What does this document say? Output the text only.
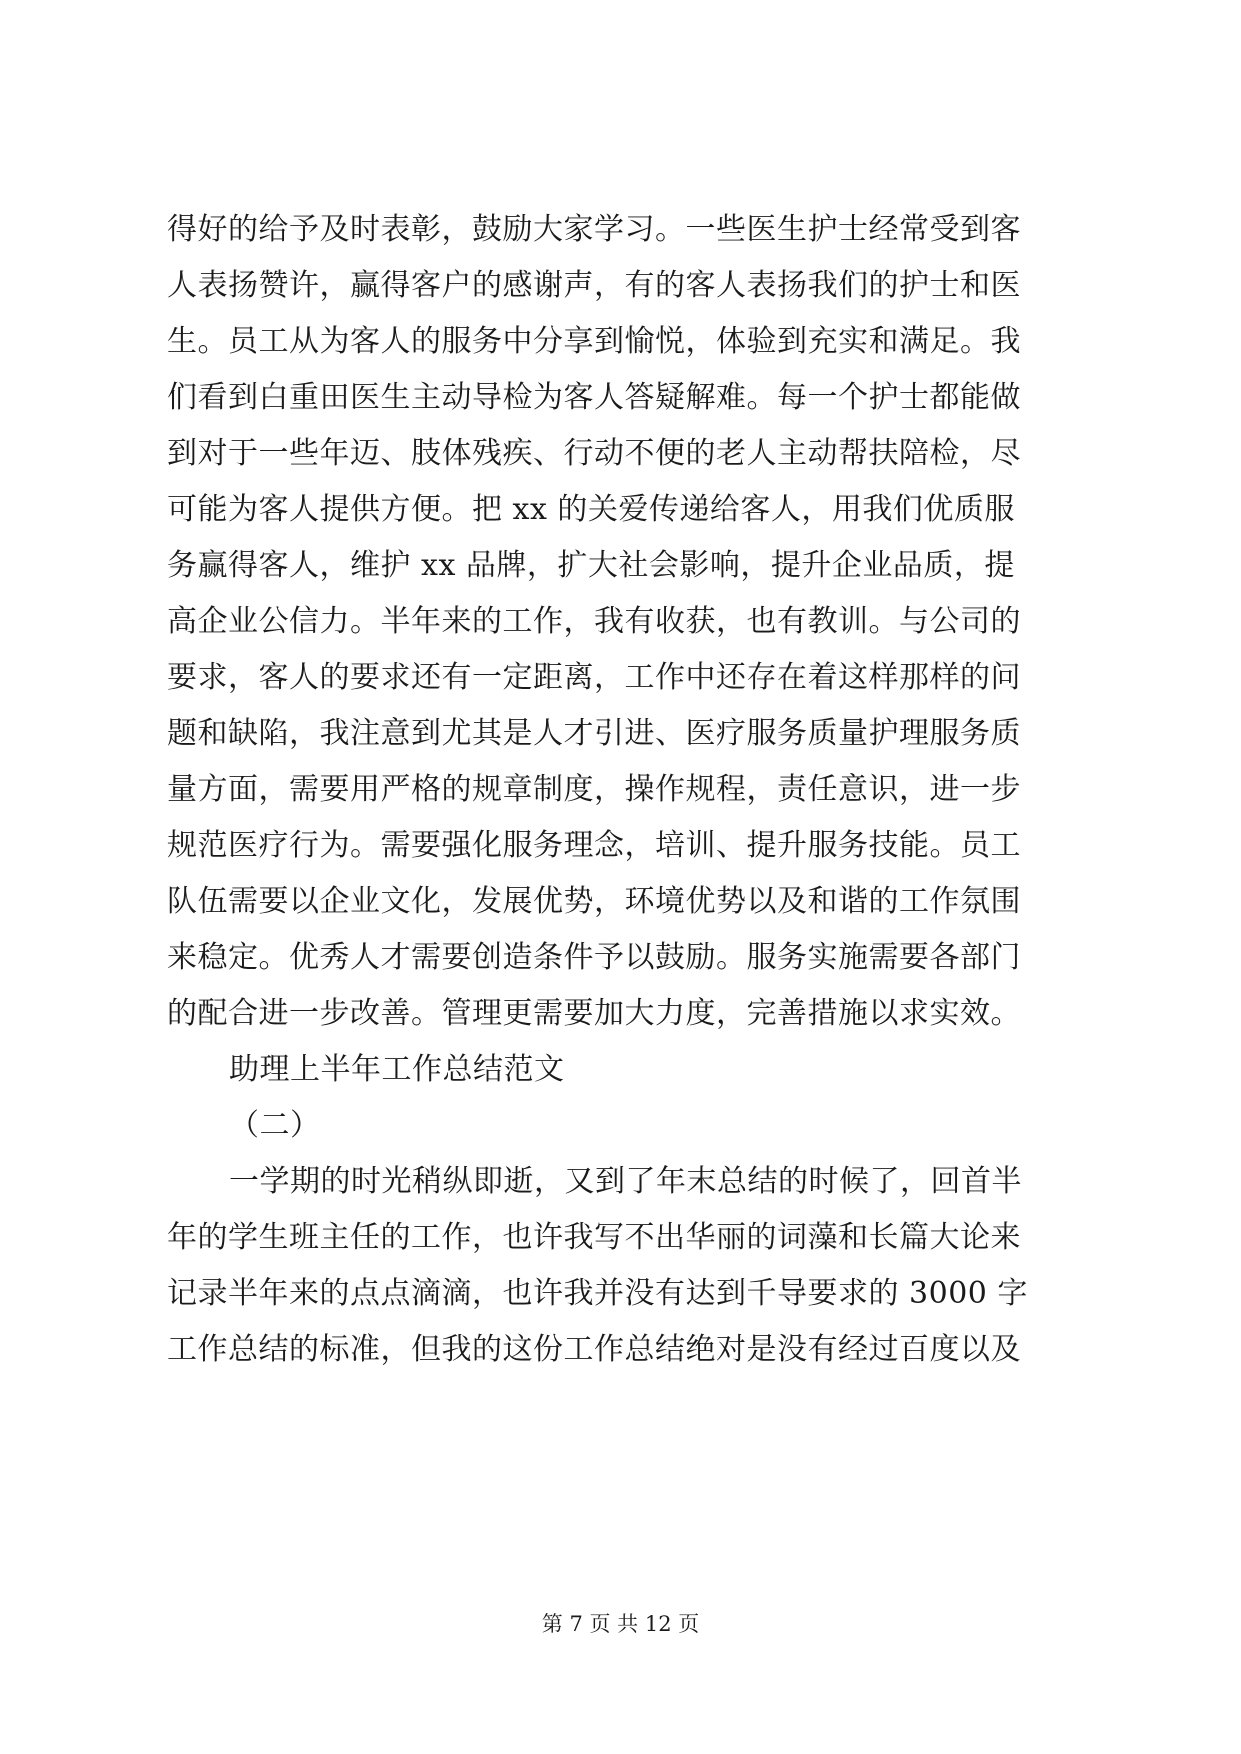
得好的给予及时表彰，鼓励大家学习。一些医生护士经常受到客
人表扬赞许，赢得客户的感谢声，有的客人表扬我们的护士和医
生。员工从为客人的服务中分享到愉悦，体验到充实和满足。我
们看到白重田医生主动导检为客人答疑解难。每一个护士都能做
到对于一些年迈、肢体残疾、行动不便的老人主动帮扶陪检，尽
可能为客人提供方便。把 xx 的关爱传递给客人，用我们优质服
务赢得客人，维护 xx 品牌，扩大社会影响，提升企业品质，提
高企业公信力。半年来的工作，我有收获，也有教训。与公司的
要求，客人的要求还有一定距离，工作中还存在着这样那样的问
题和缺陷，我注意到尤其是人才引进、医疗服务质量护理服务质
量方面，需要用严格的规章制度，操作规程，责任意识，进一步
规范医疗行为。需要强化服务理念，培训、提升服务技能。员工
队伍需要以企业文化，发展优势，环境优势以及和谐的工作氛围
来稳定。优秀人才需要创造条件予以鼓励。服务实施需要各部门
的配合进一步改善。管理更需要加大力度，完善措施以求实效。
助理上半年工作总结范文
（二）
一学期的时光稍纵即逝，又到了年末总结的时候了，回首半
年的学生班主任的工作，也许我写不出华丽的词藻和长篇大论来
记录半年来的点点滴滴，也许我并没有达到千导要求的 3000 字
工作总结的标准，但我的这份工作总结绝对是没有经过百度以及
第 7 页 共 12 页
